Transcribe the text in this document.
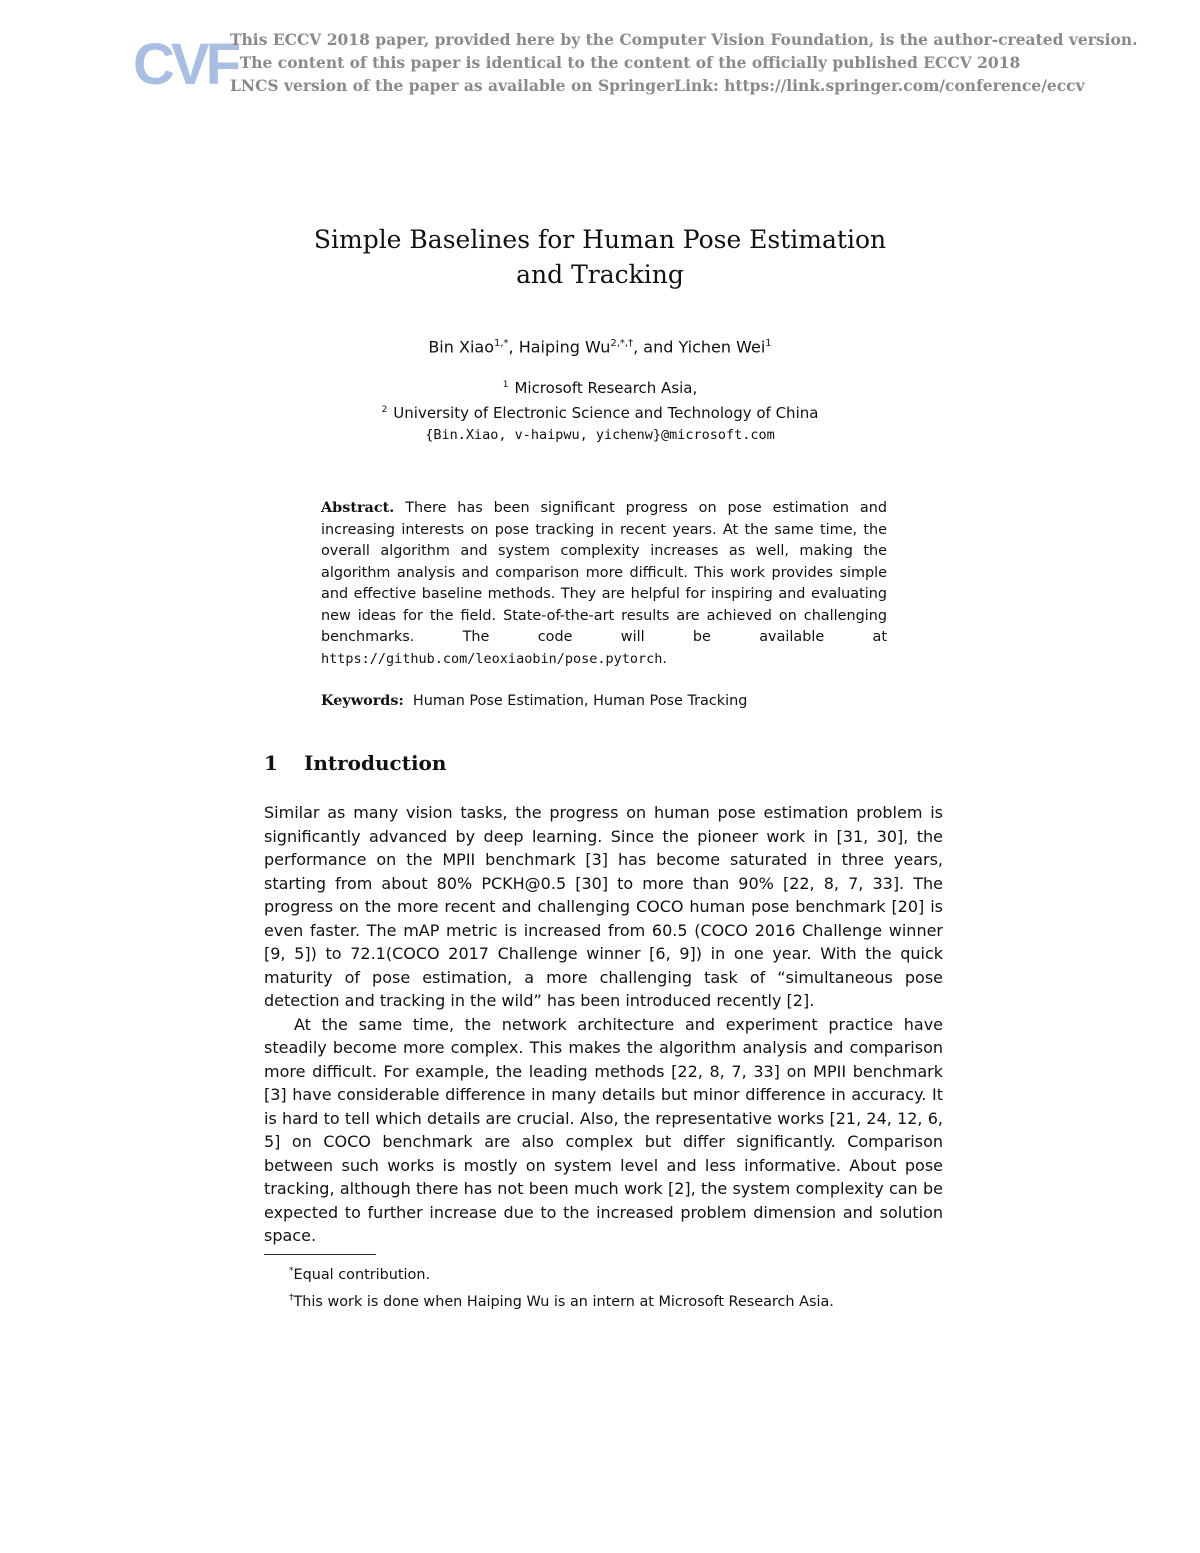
CVF
This ECCV 2018 paper, provided here by the Computer Vision Foundation, is the author-created version.
The content of this paper is identical to the content of the officially published ECCV 2018
LNCS version of the paper as available on SpringerLink: https://link.springer.com/conference/eccv
Simple Baselines for Human Pose Estimation
and Tracking
Bin Xiao$^{1,*}$, Haiping $Wu^{2,*,\dagger}$, and Yichen Wei$^1$
$^1$ Microsoft Research Asia,
$^2$ University of Electronic Science and Technology of China
{Bin.Xiao, v-haipwu, yichenw}@microsoft.com
Abstract. There has been significant progress on pose estimation and increasing interests on pose tracking in recent years. At the same time, the overall algorithm and system complexity increases as well, making the algorithm analysis and comparison more difficult. This work provides simple and effective baseline methods. They are helpful for inspiring and evaluating new ideas for the field. State-of-the-art results are achieved on challenging benchmarks. The code will be available at https://github.com/leoxiaobin/pose.pytorch.
Keywords: Human Pose Estimation, Human Pose Tracking
1 Introduction

Similar as many vision tasks, the progress on human pose estimation problem is significantly advanced by deep learning. Since the pioneer work in [31, 30], the performance on the MPII benchmark [3] has become saturated in three years, starting from about 80% PCKH@0.5 [30] to more than 90% [22, 8, 7, 33]. The progress on the more recent and challenging COCO human pose benchmark [20] is even faster. The mAP metric is increased from 60.5 (COCO 2016 Challenge winner [9, 5]) to 72.1(COCO 2017 Challenge winner [6, 9]) in one year. With the quick maturity of pose estimation, a more challenging task of “simultaneous pose detection and tracking in the wild” has been introduced recently [2].

At the same time, the network architecture and experiment practice have steadily become more complex. This makes the algorithm analysis and comparison more difficult. For example, the leading methods [22, 8, 7, 33] on MPII benchmark [3] have considerable difference in many details but minor difference in accuracy. It is hard to tell which details are crucial. Also, the representative works [21, 24, 12, 6, 5] on COCO benchmark are also complex but differ significantly. Comparison between such works is mostly on system level and less informative. About pose tracking, although there has not been much work [2], the system complexity can be expected to further increase due to the increased problem dimension and solution space.

*Equal contribution.
†This work is done when Haiping Wu is an intern at Microsoft Research Asia.
